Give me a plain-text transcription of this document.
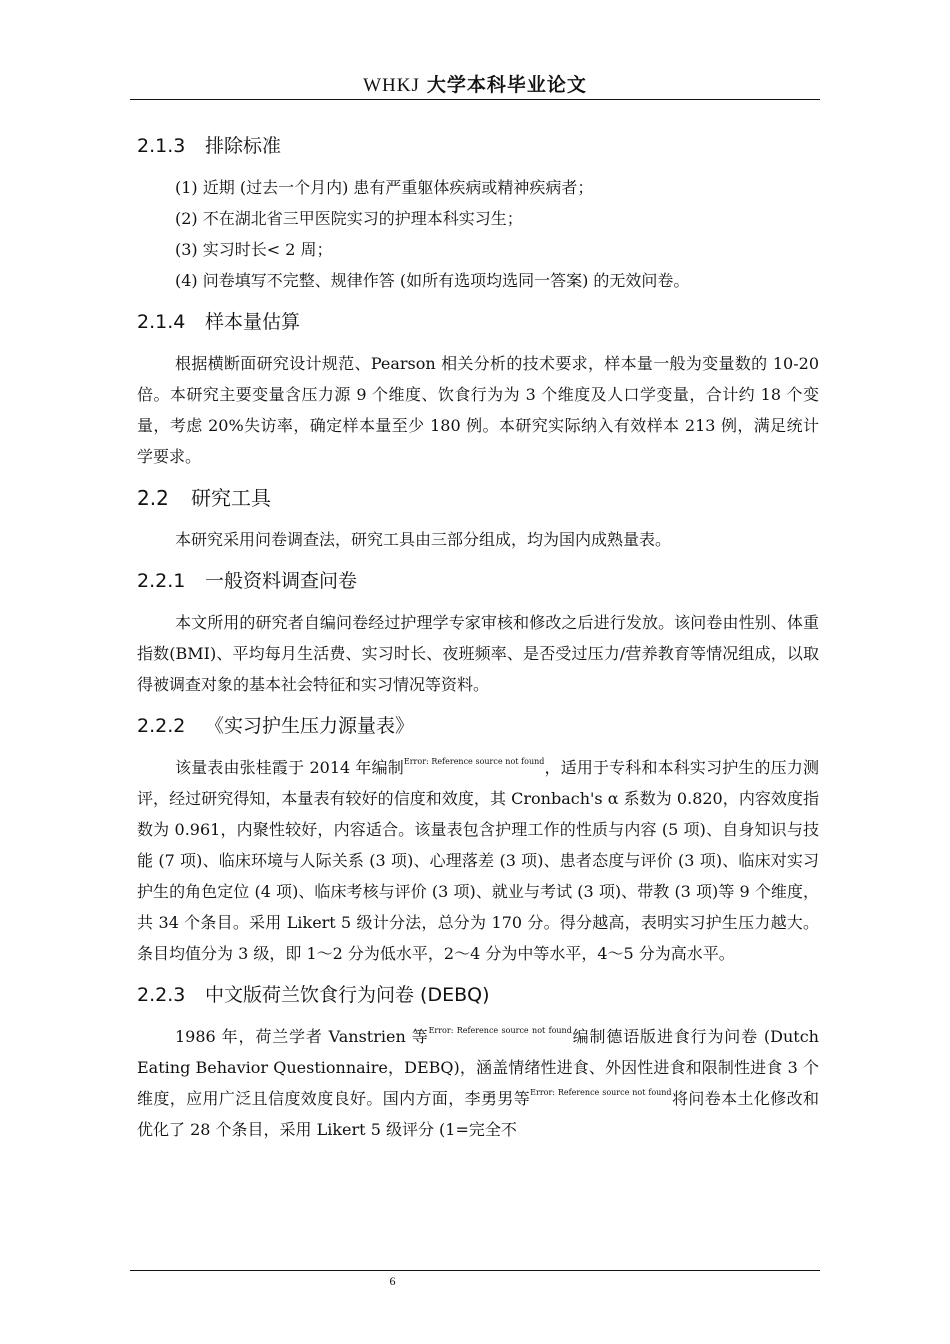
WHKJ 大学本科毕业论文
2.1.3 排除标准
(1) 近期 (过去一个月内) 患有严重躯体疾病或精神疾病者；
(2) 不在湖北省三甲医院实习的护理本科实习生；
(3) 实习时长< 2 周；
(4) 问卷填写不完整、规律作答 (如所有选项均选同一答案) 的无效问卷。
2.1.4 样本量估算

根据横断面研究设计规范、Pearson 相关分析的技术要求，样本量一般为变量数的 10-20 倍。本研究主要变量含压力源 9 个维度、饮食行为为 3 个维度及人口学变量，合计约 18 个变量，考虑 20%失访率，确定样本量至少 180 例。本研究实际纳入有效样本 213 例，满足统计学要求。

2.2 研究工具

本研究采用问卷调查法，研究工具由三部分组成，均为国内成熟量表。

2.2.1 一般资料调查问卷

本文所用的研究者自编问卷经过护理学专家审核和修改之后进行发放。该问卷由性别、体重指数(BMI)、平均每月生活费、实习时长、夜班频率、是否受过压力/营养教育等情况组成，以取得被调查对象的基本社会特征和实习情况等资料。

2.2.2 《实习护生压力源量表》

该量表由张桂霞于 2014 年编制$^{Error: Reference source not found}$，适用于专科和本科实习护生的压力测评，经过研究得知，本量表有较好的信度和效度，其 Cronbach's α 系数为 0.820，内容效度指数为 0.961，内聚性较好，内容适合。该量表包含护理工作的性质与内容 (5 项)、自身知识与技能 (7 项)、临床环境与人际关系 (3 项)、心理落差 (3 项)、患者态度与评价 (3 项)、临床对实习护生的角色定位 (4 项)、临床考核与评价 (3 项)、就业与考试 (3 项)、带教 (3 项)等 9 个维度，共 34 个条目。采用 Likert 5 级计分法，总分为 170 分。得分越高，表明实习护生压力越大。条目均值分为 3 级，即 1～2 分为低水平，2～4 分为中等水平，4～5 分为高水平。

2.2.3 中文版荷兰饮食行为问卷 (DEBQ)

1986 年，荷兰学者 Vanstrien 等$^{Error: Reference source not found}$编制德语版进食行为问卷 (Dutch Eating Behavior Questionnaire，DEBQ)，涵盖情绪性进食、外因性进食和限制性进食 3 个维度，应用广泛且信度效度良好。国内方面，李勇男等$^{Error: Reference source not found}$将问卷本土化修改和优化了 28 个条目，采用 Likert 5 级评分 (1=完全不

6
